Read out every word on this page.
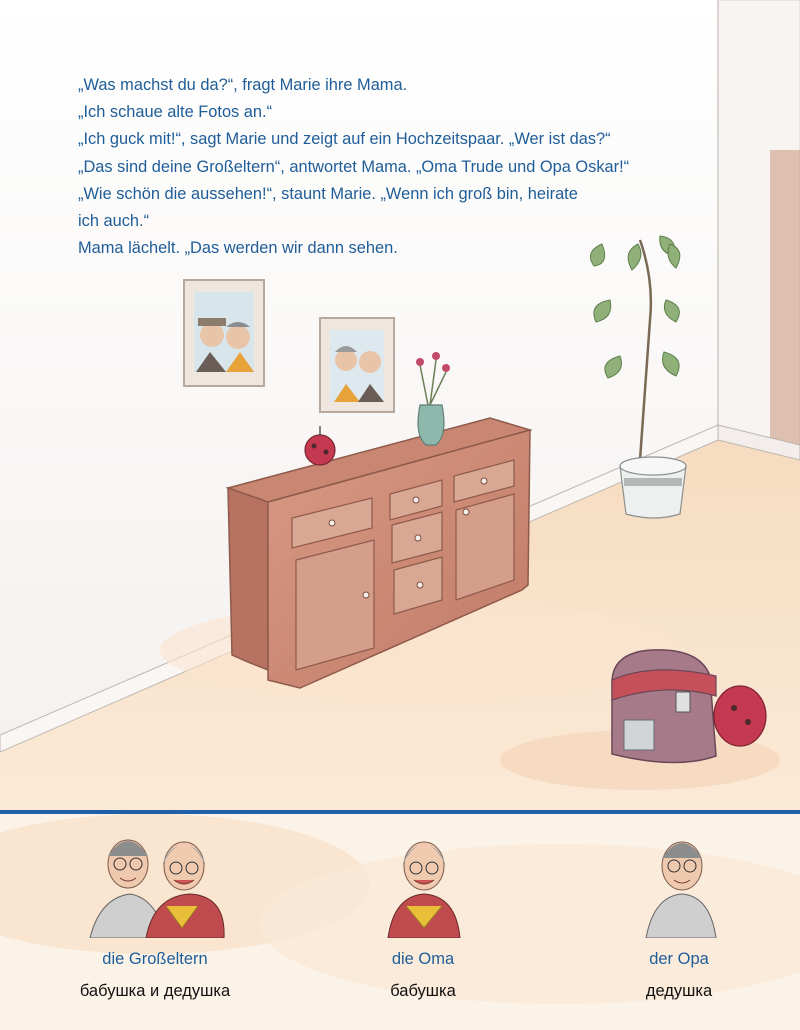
„Was machst du da?“, fragt Marie ihre Mama.
„Ich schaue alte Fotos an.“
„Ich guck mit!“, sagt Marie und zeigt auf ein Hochzeitspaar. „Wer ist das?“
„Das sind deine Großeltern“, antwortet Mama. „Oma Trude und Opa Oskar!“
„Wie schön die aussehen!“, staunt Marie. „Wenn ich groß bin, heirate
ich auch.“
Mama lächelt. „Das werden wir dann sehen.
die Großeltern
бабушка и дедушка
die Oma
бабушка
der Opa
дедушка
